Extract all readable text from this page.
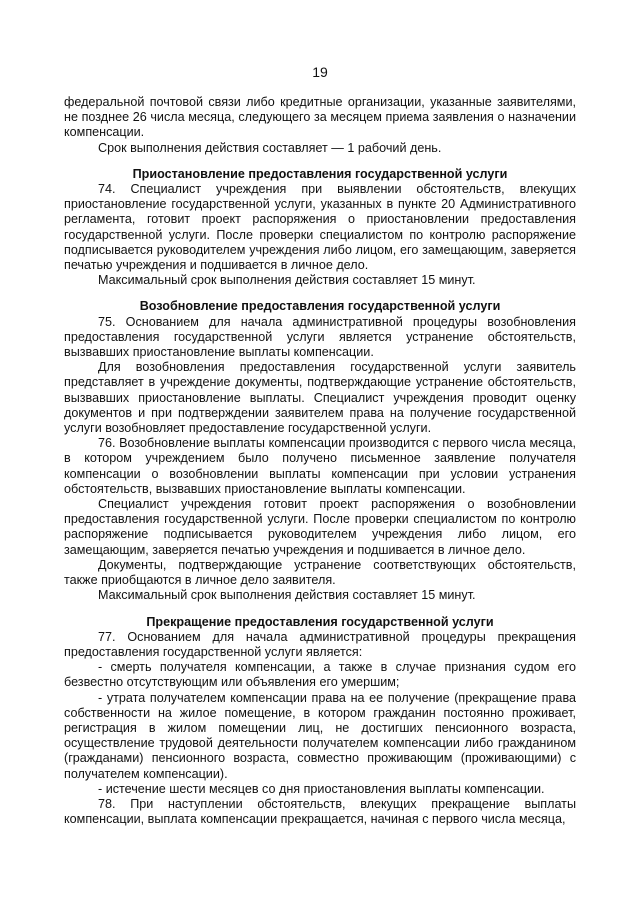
19

федеральной почтовой связи либо кредитные организации, указанные заявителями, не позднее 26 числа месяца, следующего за месяцем приема заявления о назначении компенсации.

Срок выполнения действия составляет — 1 рабочий день.

Приостановление предоставления государственной услуги

74. Специалист учреждения при выявлении обстоятельств, влекущих приостановление государственной услуги, указанных в пункте 20 Административного регламента, готовит проект распоряжения о приостановлении предоставления государственной услуги. После проверки специалистом по контролю распоряжение подписывается руководителем учреждения либо лицом, его замещающим, заверяется печатью учреждения и подшивается в личное дело.

Максимальный срок выполнения действия составляет 15 минут.

Возобновление предоставления государственной услуги

75. Основанием для начала административной процедуры возобновления предоставления государственной услуги является устранение обстоятельств, вызвавших приостановление выплаты компенсации.

Для возобновления предоставления государственной услуги заявитель представляет в учреждение документы, подтверждающие устранение обстоятельств, вызвавших приостановление выплаты. Специалист учреждения проводит оценку документов и при подтверждении заявителем права на получение государственной услуги возобновляет предоставление государственной услуги.

76. Возобновление выплаты компенсации производится с первого числа месяца, в котором учреждением было получено письменное заявление получателя компенсации о возобновлении выплаты компенсации при условии устранения обстоятельств, вызвавших приостановление выплаты компенсации.

Специалист учреждения готовит проект распоряжения о возобновлении предоставления государственной услуги. После проверки специалистом по контролю распоряжение подписывается руководителем учреждения либо лицом, его замещающим, заверяется печатью учреждения и подшивается в личное дело.

Документы, подтверждающие устранение соответствующих обстоятельств, также приобщаются в личное дело заявителя.

Максимальный срок выполнения действия составляет 15 минут.

Прекращение предоставления государственной услуги

77. Основанием для начала административной процедуры прекращения предоставления государственной услуги является:

- смерть получателя компенсации, а также в случае признания судом его безвестно отсутствующим или объявления его умершим;

- утрата получателем компенсации права на ее получение (прекращение права собственности на жилое помещение, в котором гражданин постоянно проживает, регистрация в жилом помещении лиц, не достигших пенсионного возраста, осуществление трудовой деятельности получателем компенсации либо гражданином (гражданами) пенсионного возраста, совместно проживающим (проживающими) с получателем компенсации).

- истечение шести месяцев со дня приостановления выплаты компенсации.

78. При наступлении обстоятельств, влекущих прекращение выплаты компенсации, выплата компенсации прекращается, начиная с первого числа месяца,
